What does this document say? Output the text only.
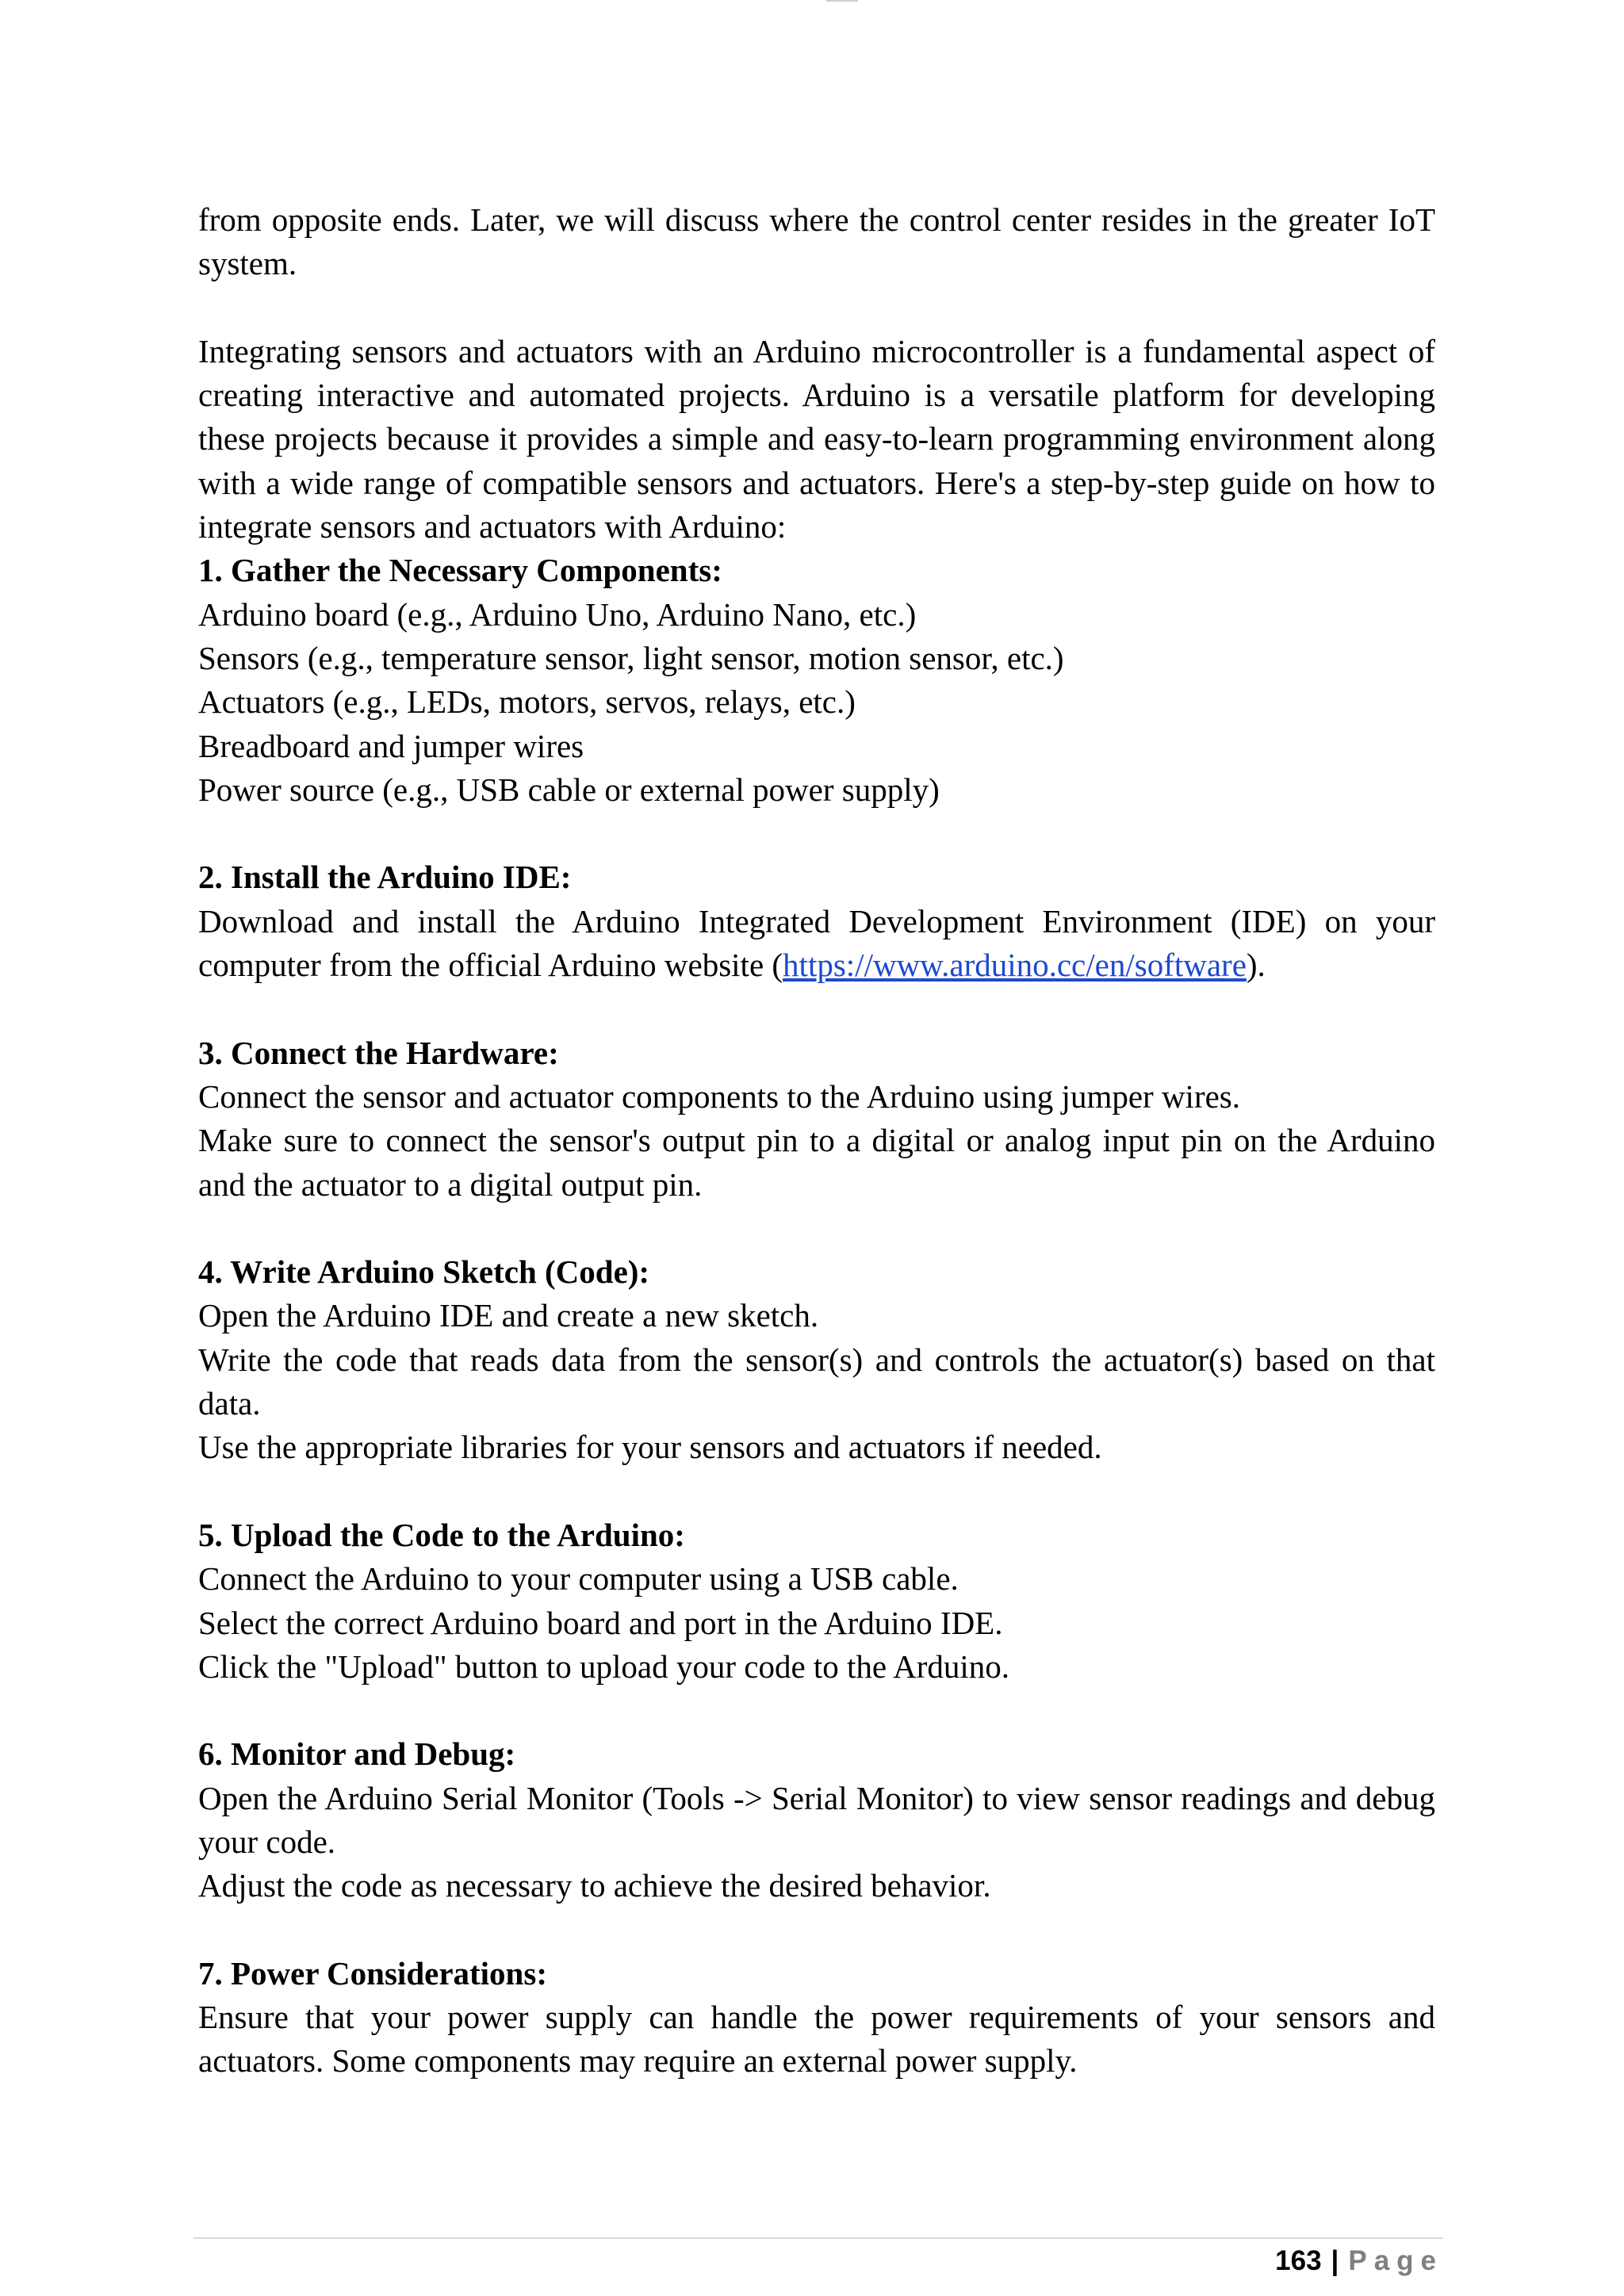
from opposite ends. Later, we will discuss where the control center resides in the greater IoT system.

Integrating sensors and actuators with an Arduino microcontroller is a fundamental aspect of creating interactive and automated projects. Arduino is a versatile platform for developing these projects because it provides a simple and easy-to-learn programming environment along with a wide range of compatible sensors and actuators. Here's a step-by-step guide on how to integrate sensors and actuators with Arduino:

1. Gather the Necessary Components:

Arduino board (e.g., Arduino Uno, Arduino Nano, etc.)

Sensors (e.g., temperature sensor, light sensor, motion sensor, etc.)

Actuators (e.g., LEDs, motors, servos, relays, etc.)

Breadboard and jumper wires

Power source (e.g., USB cable or external power supply)

2. Install the Arduino IDE:

Download and install the Arduino Integrated Development Environment (IDE) on your computer from the official Arduino website (https://www.arduino.cc/en/software).

3. Connect the Hardware:

Connect the sensor and actuator components to the Arduino using jumper wires.

Make sure to connect the sensor's output pin to a digital or analog input pin on the Arduino and the actuator to a digital output pin.

4. Write Arduino Sketch (Code):

Open the Arduino IDE and create a new sketch.

Write the code that reads data from the sensor(s) and controls the actuator(s) based on that data.

Use the appropriate libraries for your sensors and actuators if needed.

5. Upload the Code to the Arduino:

Connect the Arduino to your computer using a USB cable.

Select the correct Arduino board and port in the Arduino IDE.

Click the "Upload" button to upload your code to the Arduino.

6. Monitor and Debug:

Open the Arduino Serial Monitor (Tools -> Serial Monitor) to view sensor readings and debug your code.

Adjust the code as necessary to achieve the desired behavior.

7. Power Considerations:

Ensure that your power supply can handle the power requirements of your sensors and actuators. Some components may require an external power supply.

163 | Page
